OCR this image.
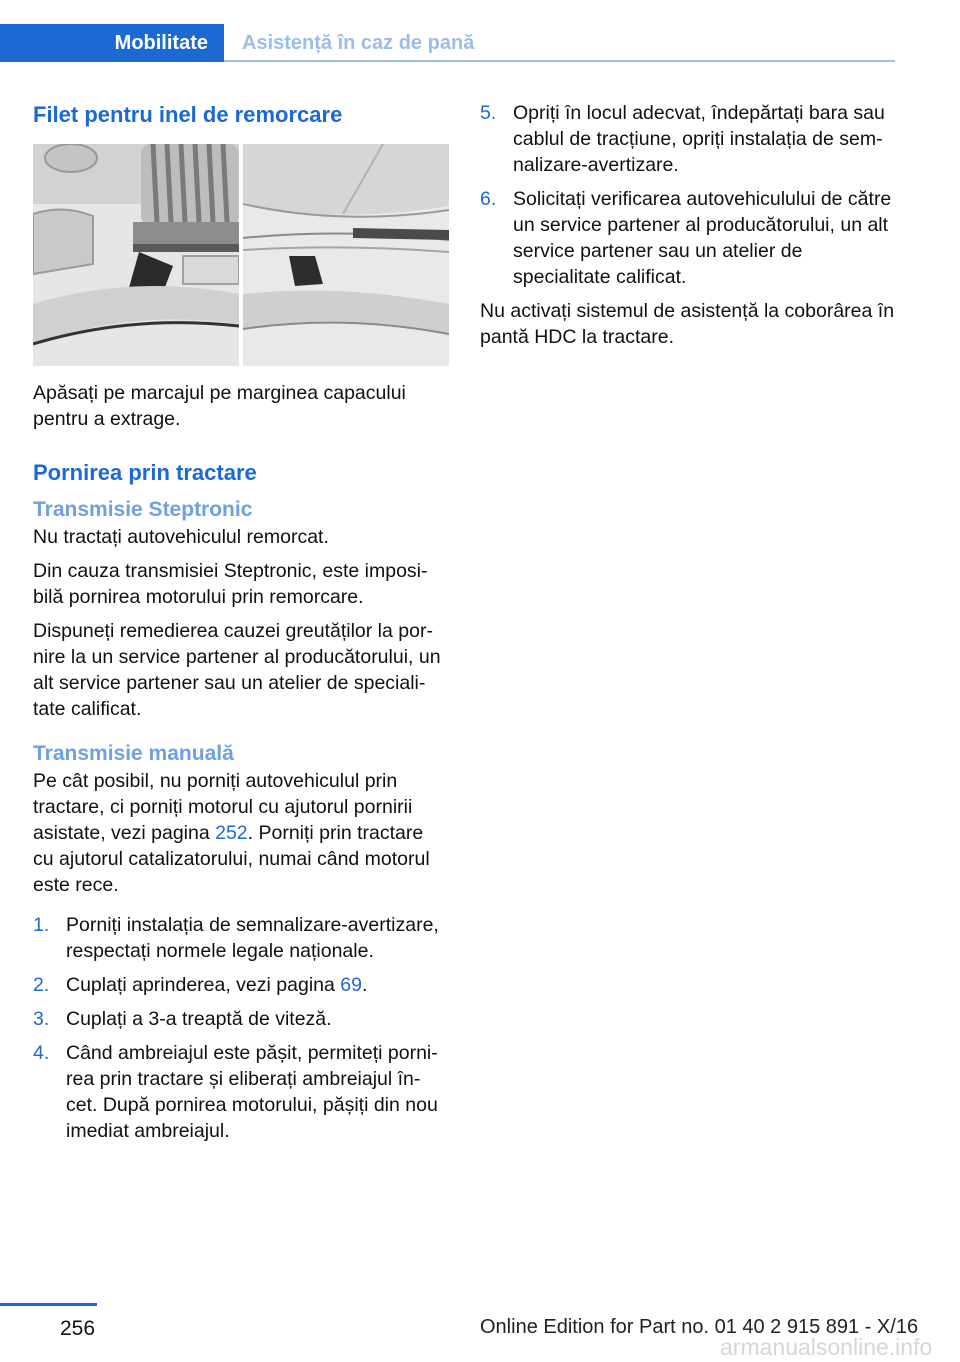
Mobilitate Asistență în caz de pană
Filet pentru inel de remorcare

Apăsați pe marcajul pe marginea capacului pentru a extrage.

Pornirea prin tractare
Transmisie Steptronic

Nu tractați autovehiculul remorcat.

Din cauza transmisiei Steptronic, este imposi‐bilă pornirea motorului prin remorcare.

Dispuneți remedierea cauzei greutăților la por‐nire la un service partener al producătorului, un alt service partener sau un atelier de speciali‐tate calificat.

Transmisie manuală

Pe cât posibil, nu porniți autovehiculul prin tractare, ci porniți motorul cu ajutorul pornirii asistate, vezi pagina 252. Porniți prin tractare cu ajutorul catalizatorului, numai când motorul este rece.

1. Porniți instalația de semnalizare-avertizare, respectați normele legale naționale.
2. Cuplați aprinderea, vezi pagina 69.
3. Cuplați a 3-a treaptă de viteză.
4. Când ambreiajul este pășit, permiteți porni‐rea prin tractare și eliberați ambreiajul în‐cet. După pornirea motorului, pășiți din nou imediat ambreiajul.
5. Opriți în locul adecvat, îndepărtați bara sau cablul de tracțiune, opriți instalația de sem‐nalizare-avertizare.
6. Solicitați verificarea autovehiculului de către un service partener al producătorului, un alt service partener sau un atelier de specialitate calificat.

Nu activați sistemul de asistență la coborârea în pantă HDC la tractare.

256	Online Edition for Part no. 01 40 2 915 891 - X/16
armanualsonline.info
